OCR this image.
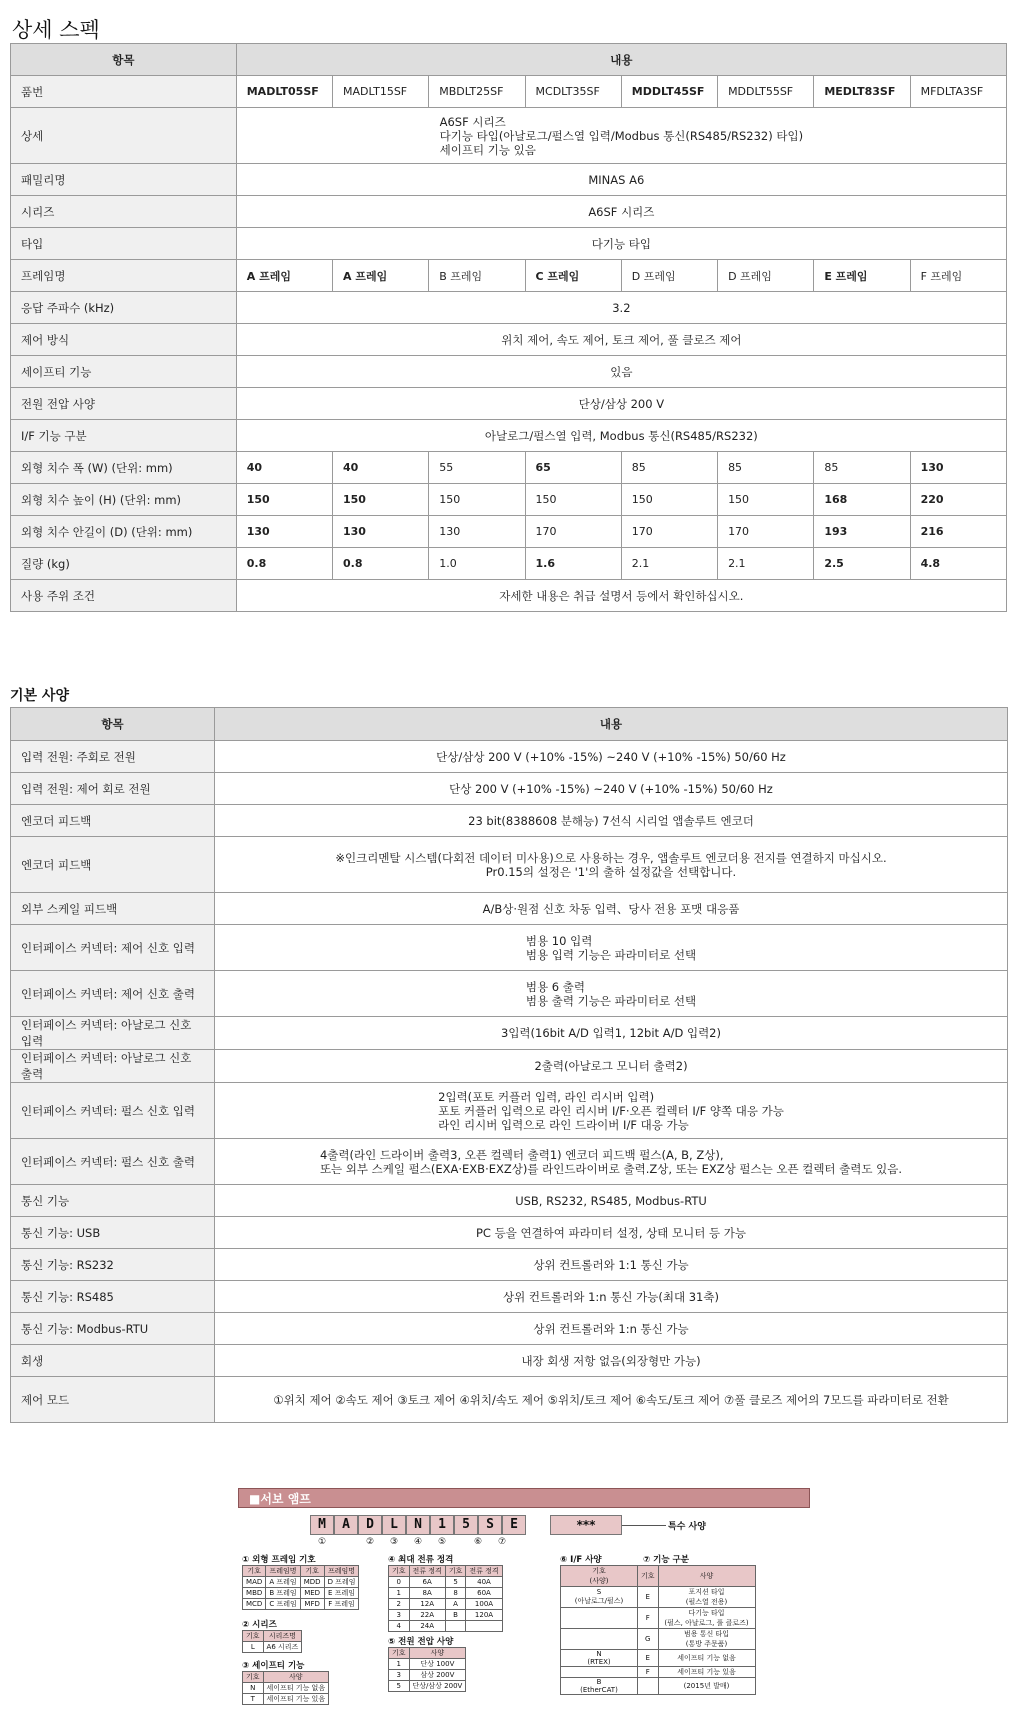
상세 스펙
항목	내용							
품번	MADLT05SF	MADLT15SF	MBDLT25SF	MCDLT35SF	MDDLT45SF	MDDLT55SF	MEDLT83SF	MFDLTA3SF
상세	A6SF 시리즈
다기능 타입(아날로그/펄스열 입력/Modbus 통신(RS485/RS232) 타입)
세이프티 기능 있음							

패밀리명	MINAS A6							
시리즈	A6SF 시리즈							
타입	다기능 타입							
프레임명	A 프레임	A 프레임	B 프레임	C 프레임	D 프레임	D 프레임	E 프레임	F 프레임
응답 주파수 (kHz)	3.2							
제어 방식	위치 제어, 속도 제어, 토크 제어, 풀 클로즈 제어							
세이프티 기능	있음							
전원 전압 사양	단상/삼상 200 V							
I/F 기능 구분	아날로그/펄스열 입력, Modbus 통신(RS485/RS232)							
외형 치수 폭 (W) (단위: mm)	40	40	55	65	85	85	85	130
외형 치수 높이 (H) (단위: mm)	150	150	150	150	150	150	168	220
외형 치수 안길이 (D) (단위: mm)	130	130	130	170	170	170	193	216
질량 (kg)	0.8	0.8	1.0	1.6	2.1	2.1	2.5	4.8
사용 주위 조건	자세한 내용은 취급 설명서 등에서 확인하십시오.							
기본 사양
항목	내용
입력 전원: 주회로 전원	단상/삼상 200 V (+10% -15%) ~240 V (+10% -15%) 50/60 Hz

입력 전원: 제어 회로 전원	단상 200 V (+10% -15%) ~240 V (+10% -15%) 50/60 Hz

엔코더 피드백	23 bit(8388608 분해능) 7선식 시리얼 앱솔루트 엔코더

엔코더 피드백	※인크리멘탈 시스템(다회전 데이터 미사용)으로 사용하는 경우, 앱솔루트 엔코더용 전지를 연결하지 마십시오.
Pr0.15의 설정은 '1'의 출하 설정값을 선택합니다.

외부 스케일 피드백	A/B상·원점 신호 차동 입력、당사 전용 포맷 대응품

인터페이스 커넥터: 제어 신호 입력	범용 10 입력
범용 입력 기능은 파라미터로 선택

인터페이스 커넥터: 제어 신호 출력	범용 6 출력
범용 출력 기능은 파라미터로 선택

인터페이스 커넥터: 아날로그 신호 입력	3입력(16bit A/D 입력1, 12bit A/D 입력2)

인터페이스 커넥터: 아날로그 신호 출력	2출력(아날로그 모니터 출력2)

인터페이스 커넥터: 펄스 신호 입력	2입력(포토 커플러 입력, 라인 리시버 입력)
포토 커플러 입력으로 라인 리시버 I/F·오픈 컬렉터 I/F 양쪽 대응 가능
라인 리시버 입력으로 라인 드라이버 I/F 대응 가능

인터페이스 커넥터: 펄스 신호 출력	4출력(라인 드라이버 출력3, 오픈 컬렉터 출력1) 엔코더 피드백 펄스(A, B, Z상),
또는 외부 스케일 펄스(EXA·EXB·EXZ상)를 라인드라이버로 출력.Z상, 또는 EXZ상 펄스는 오픈 컬렉터 출력도 있음.

통신 기능	USB, RS232, RS485, Modbus-RTU

통신 기능: USB	PC 등을 연결하여 파라미터 설정, 상태 모니터 등 가능

통신 기능: RS232	상위 컨트롤러와 1:1 통신 가능

통신 기능: RS485	상위 컨트롤러와 1:n 통신 가능(최대 31축)

통신 기능: Modbus-RTU	상위 컨트롤러와 1:n 통신 가능

회생	내장 회생 저항 없음(외장형만 가능)

제어 모드	①위치 제어 ②속도 제어 ③토크 제어 ④위치/속도 제어 ⑤위치/토크 제어 ⑥속도/토크 제어 ⑦풀 클로즈 제어의 7모드를 파라미터로 전환
■서보 앰프
M	A	D	L	N	1	5	S	E
①	②	③	④	⑤	⑥	⑦
***	특수 사양
① 외형 프레임 기호
기호	프레임명	기호	프레임명
MAD	A 프레임	MDD	D 프레임
MBD	B 프레임	MED	E 프레임
MCD	C 프레임	MFD	F 프레임
② 시리즈
기호	시리즈명
L	A6 시리즈
③ 세이프티 기능
기호	사양
N	세이프티 기능 없음
T	세이프티 기능 있음
④ 최대 전류 정격
기호	전류 정격	기호	전류 정격
0	6A	5	40A
1	8A	8	60A
2	12A	A	100A
3	22A	B	120A
4	24A		
⑤ 전원 전압 사양
기호	사양
1	단상 100V
3	삼상 200V
5	단상/삼상 200V
⑥ I/F 사양	⑦ 기능 구분
기호
(사양)	기호	사양
S
(아날로그/펄스)	E	포지션 타입
(펄스열 전용)
	F	다기능 타입
(펄스, 아날로그, 풀 클로즈)
	G	범용 통신 타입
(통방 주문품)
N
(RTEX)	E	세이프티 기능 없음
	F	세이프티 기능 있음
B
(EtherCAT)		(2015년 발매)
